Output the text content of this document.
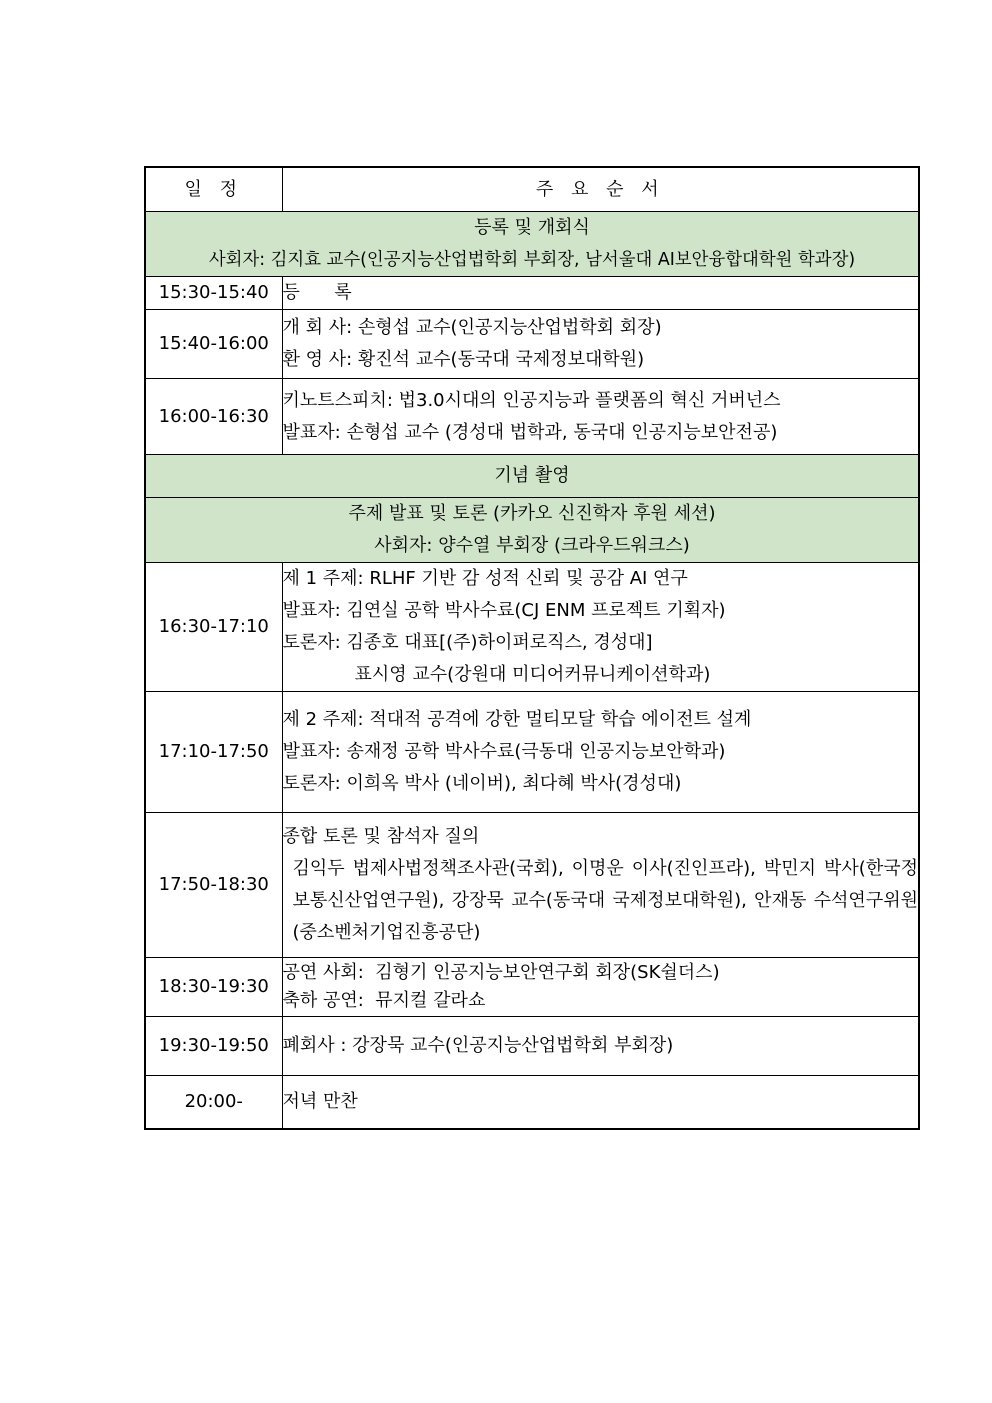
일 정	주 요 순 서

등록 및 개회식
사회자: 김지효 교수(인공지능산업법학회 부회장, 남서울대 AI보안융합대학원 학과장)	

15:30-15:40	등      록

15:40-16:00	개 회 사: 손형섭 교수(인공지능산업법학회 회장)
환 영 사: 황진석 교수(동국대 국제정보대학원)

16:00-16:30	키노트스피치: 법3.0시대의 인공지능과 플랫폼의 혁신 거버넌스
발표자: 손형섭 교수 (경성대 법학과, 동국대 인공지능보안전공)

기념 촬영	

주제 발표 및 토론 (카카오 신진학자 후원 세션)
사회자: 양수열 부회장 (크라우드워크스)	

16:30-17:10	제 1 주제: RLHF 기반 감 성적 신뢰 및 공감 AI 연구
발표자: 김연실 공학 박사수료(CJ ENM 프로젝트 기획자)
토론자: 김종호 대표[(주)하이퍼로직스, 경성대]
표시영 교수(강원대 미디어커뮤니케이션학과)

17:10-17:50	제 2 주제: 적대적 공격에 강한 멀티모달 학습 에이전트 설계
발표자: 송재정 공학 박사수료(극동대 인공지능보안학과)
토론자: 이희옥 박사 (네이버), 최다혜 박사(경성대)

17:50-18:30	종합 토론 및 참석자 질의
김익두 법제사법정책조사관(국회), 이명운 이사(진인프라), 박민지 박사(한국정보통신산업연구원), 강장묵 교수(동국대 국제정보대학원), 안재동 수석연구위원(중소벤처기업진흥공단)

18:30-19:30	공연 사회:  김형기 인공지능보안연구회 회장(SK쉴더스)
축하 공연:  뮤지컬 갈라쇼

19:30-19:50	폐회사 : 강장묵 교수(인공지능산업법학회 부회장)

20:00-	저녁 만찬
